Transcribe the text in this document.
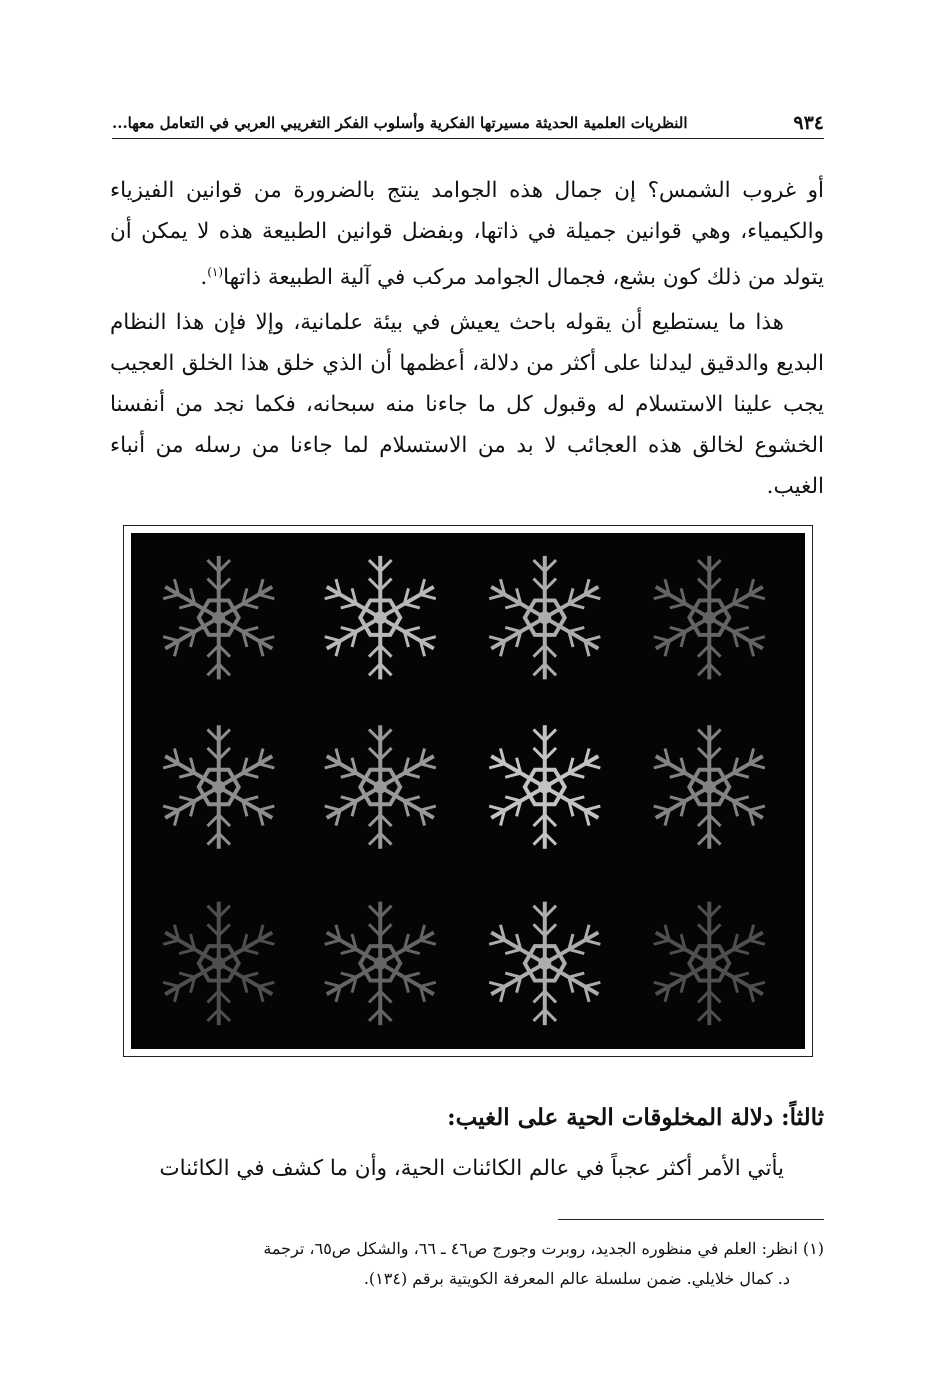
٩٣٤
النظريات العلمية الحديثة مسيرتها الفكرية وأسلوب الفكر التغريبي العربي في التعامل معها...

أو غروب الشمس؟ إن جمال هذه الجوامد ينتج بالضرورة من قوانين الفيزياء والكيمياء، وهي قوانين جميلة في ذاتها، وبفضل قوانين الطبيعة هذه لا يمكن أن يتولد من ذلك كون بشع، فجمال الجوامد مركب في آلية الطبيعة ذاتها$^{(١)}$.

هذا ما يستطيع أن يقوله باحث يعيش في بيئة علمانية، وإلا فإن هذا النظام البديع والدقيق ليدلنا على أكثر من دلالة، أعظمها أن الذي خلق هذا الخلق العجيب يجب علينا الاستسلام له وقبول كل ما جاءنا منه سبحانه، فكما نجد من أنفسنا الخشوع لخالق هذه العجائب لا بد من الاستسلام لما جاءنا من رسله من أنباء الغيب.

ثالثاً: دلالة المخلوقات الحية على الغيب:

يأتي الأمر أكثر عجباً في عالم الكائنات الحية، وأن ما كشف في الكائنات

(١) انظر: العلم في منظوره الجديد، روبرت وجورج ص٤٦ ـ ٦٦، والشكل ص٦٥، ترجمة

د. كمال خلايلي. ضمن سلسلة عالم المعرفة الكويتية برقم (١٣٤).
